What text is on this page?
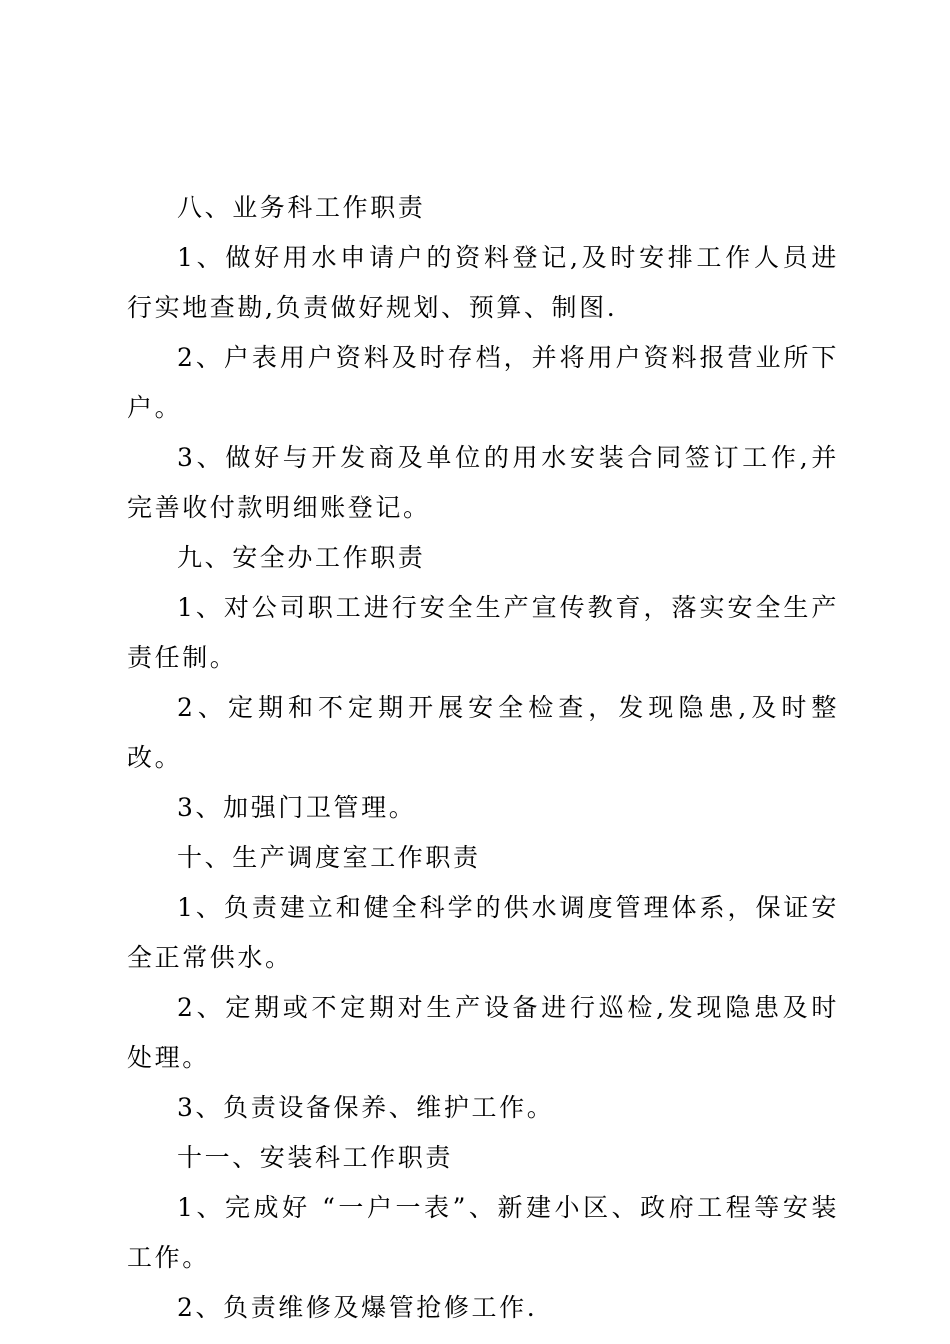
八、业务科工作职责

1、做好用水申请户的资料登记,及时安排工作人员进行实地查勘,负责做好规划、预算、制图.

2、户表用户资料及时存档，并将用户资料报营业所下户。

3、做好与开发商及单位的用水安装合同签订工作,并完善收付款明细账登记。

九、安全办工作职责

1、对公司职工进行安全生产宣传教育，落实安全生产责任制。

2、定期和不定期开展安全检查，发现隐患,及时整改。

3、加强门卫管理。

十、生产调度室工作职责

1、负责建立和健全科学的供水调度管理体系，保证安全正常供水。

2、定期或不定期对生产设备进行巡检,发现隐患及时处理。

3、负责设备保养、维护工作。

十一、安装科工作职责

1、完成好 “一户一表”、新建小区、政府工程等安装工作。

2、负责维修及爆管抢修工作.
